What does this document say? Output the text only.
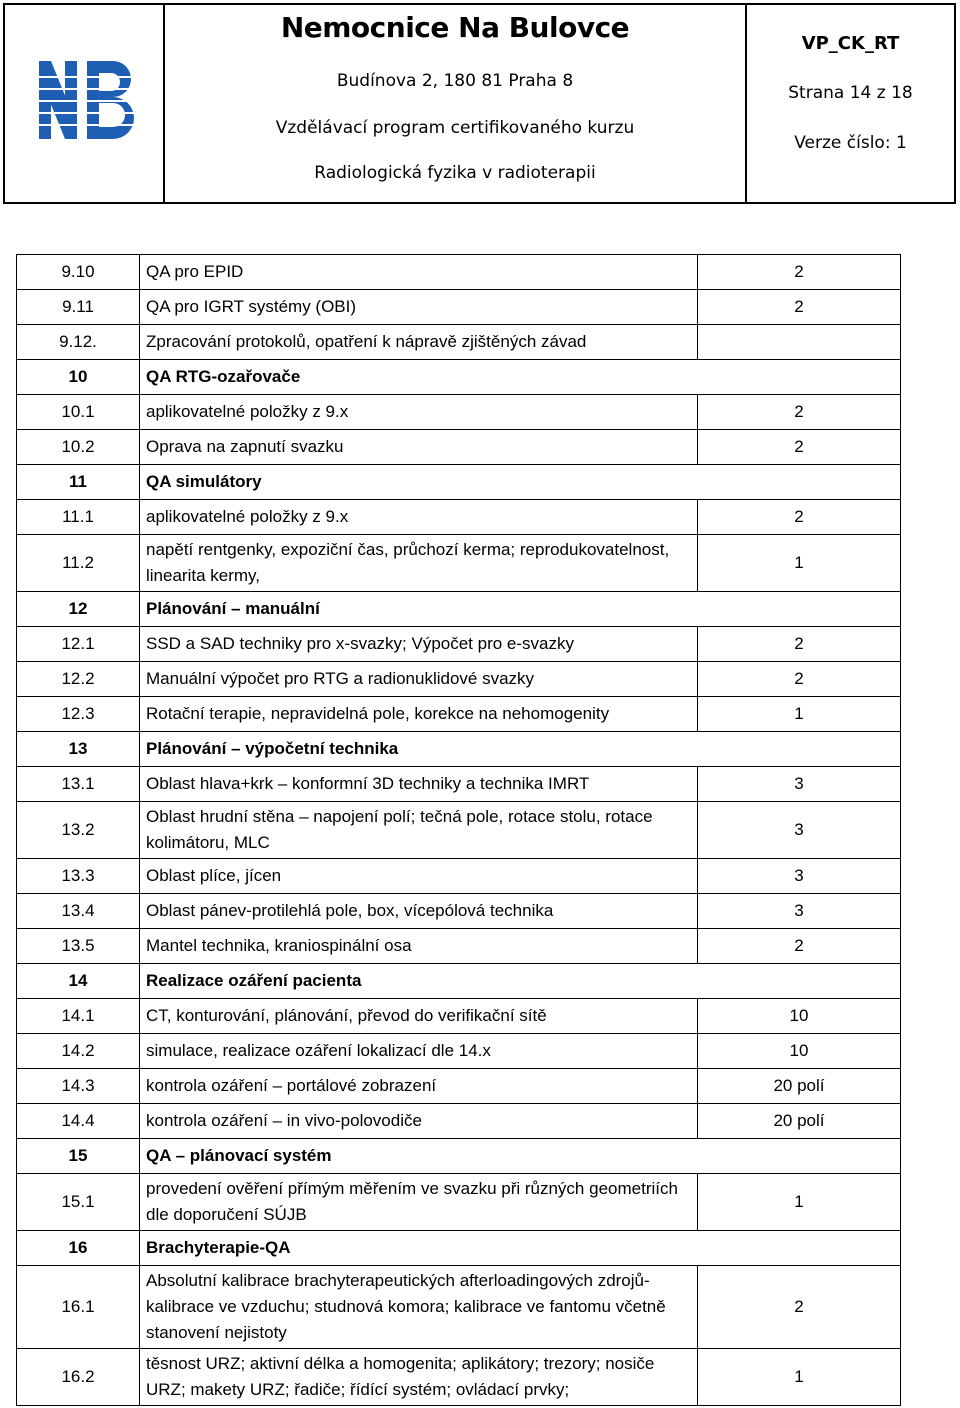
Nemocnice Na Bulovce
Budínova 2, 180 81 Praha 8
Vzdělávací program certifikovaného kurzu
Radiologická fyzika v radioterapii
VP_CK_RT
Strana 14 z 18
Verze číslo: 1
9.10	QA pro EPID	2
9.11	QA pro IGRT systémy (OBI)	2
9.12.	Zpracování protokolů, opatření k nápravě zjištěných závad	
10	QA RTG-ozařovače	
10.1	aplikovatelné položky z 9.x	2
10.2	Oprava na zapnutí svazku	2
11	QA simulátory	
11.1	aplikovatelné položky z 9.x	2
11.2	napětí rentgenky, expoziční čas, průchozí kerma; reprodukovatelnost, linearita kermy,	1
12	Plánování – manuální	
12.1	SSD a SAD techniky pro x-svazky; Výpočet pro e-svazky	2
12.2	Manuální výpočet pro RTG a radionuklidové svazky	2
12.3	Rotační terapie, nepravidelná pole, korekce na nehomogenity	1
13	Plánování – výpočetní technika	
13.1	Oblast hlava+krk – konformní 3D techniky a technika IMRT	3
13.2	Oblast hrudní stěna – napojení polí; tečná pole, rotace stolu, rotace kolimátoru, MLC	3
13.3	Oblast plíce, jícen	3
13.4	Oblast pánev-protilehlá pole, box, vícepólová technika	3
13.5	Mantel technika, kraniospinální osa	2
14	Realizace ozáření pacienta	
14.1	CT, konturování, plánování, převod do verifikační sítě	10
14.2	simulace, realizace ozáření lokalizací dle 14.x	10
14.3	kontrola ozáření – portálové zobrazení	20 polí
14.4	kontrola ozáření – in vivo-polovodiče	20 polí
15	QA – plánovací systém	
15.1	provedení ověření přímým měřením ve svazku při různých geometriích dle doporučení SÚJB	1
16	Brachyterapie-QA	
16.1	Absolutní kalibrace brachyterapeutických afterloadingových zdrojů-kalibrace ve vzduchu; studnová komora; kalibrace ve fantomu včetně stanovení nejistoty	2
16.2	těsnost URZ; aktivní délka a homogenita; aplikátory; trezory; nosiče URZ; makety URZ; řadiče; řídící systém; ovládací prvky;	1
